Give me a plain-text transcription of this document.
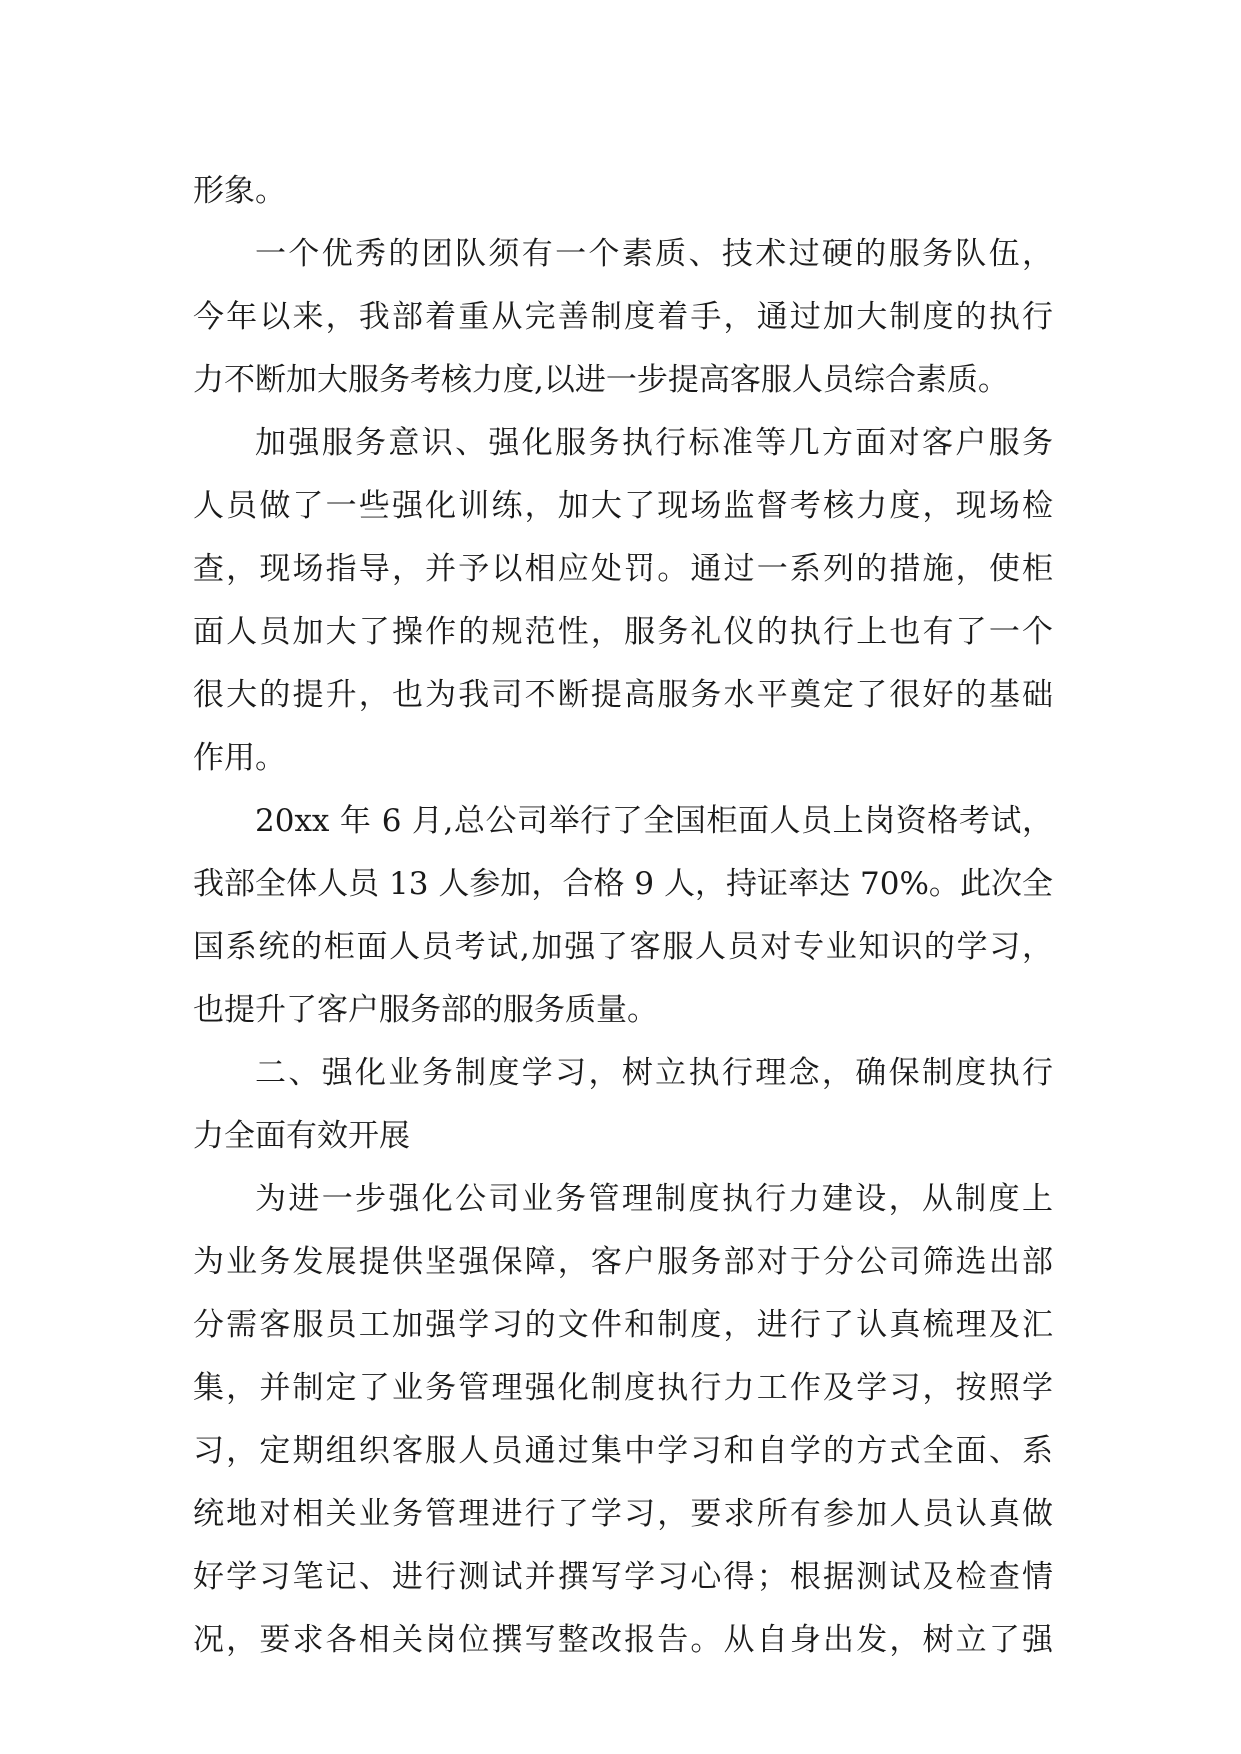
形象。
一个优秀的团队须有一个素质、技术过硬的服务队伍，
今年以来，我部着重从完善制度着手，通过加大制度的执行
力不断加大服务考核力度,以进一步提高客服人员综合素质。
加强服务意识、强化服务执行标准等几方面对客户服务
人员做了一些强化训练，加大了现场监督考核力度，现场检
查，现场指导，并予以相应处罚。通过一系列的措施，使柜
面人员加大了操作的规范性，服务礼仪的执行上也有了一个
很大的提升，也为我司不断提高服务水平奠定了很好的基础
作用。
20xx 年 6 月,总公司举行了全国柜面人员上岗资格考试，
我部全体人员 13 人参加，合格 9 人，持证率达 70%。此次全
国系统的柜面人员考试,加强了客服人员对专业知识的学习，
也提升了客户服务部的服务质量。
二、强化业务制度学习，树立执行理念，确保制度执行
力全面有效开展
为进一步强化公司业务管理制度执行力建设，从制度上
为业务发展提供坚强保障，客户服务部对于分公司筛选出部
分需客服员工加强学习的文件和制度，进行了认真梳理及汇
集，并制定了业务管理强化制度执行力工作及学习，按照学
习，定期组织客服人员通过集中学习和自学的方式全面、系
统地对相关业务管理进行了学习，要求所有参加人员认真做
好学习笔记、进行测试并撰写学习心得；根据测试及检查情
况，要求各相关岗位撰写整改报告。从自身出发，树立了强
